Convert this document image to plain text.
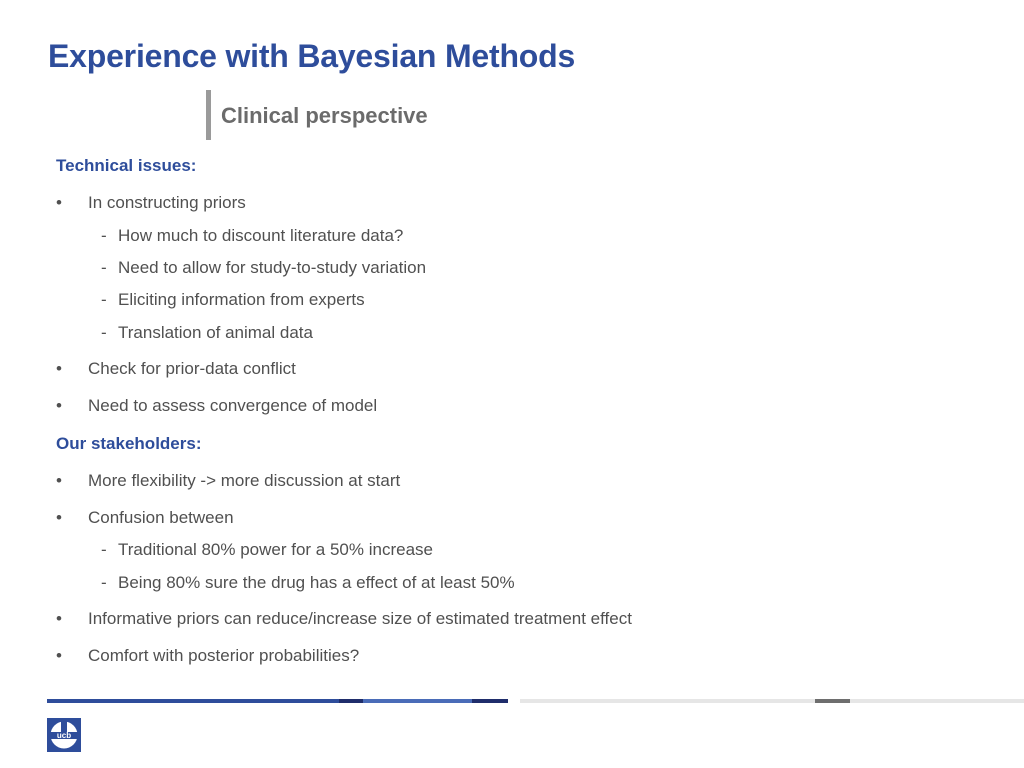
Experience with Bayesian Methods
Clinical perspective
Technical issues:
• In constructing priors
- How much to discount literature data?
- Need to allow for study-to-study variation
- Eliciting information from experts
- Translation of animal data
• Check for prior-data conflict
• Need to assess convergence of model
Our stakeholders:
• More flexibility -> more discussion at start
• Confusion between
- Traditional 80% power for a 50% increase
- Being 80% sure the drug has a effect of at least 50%
• Informative priors can reduce/increase size of estimated treatment effect
• Comfort with posterior probabilities?
ucb
